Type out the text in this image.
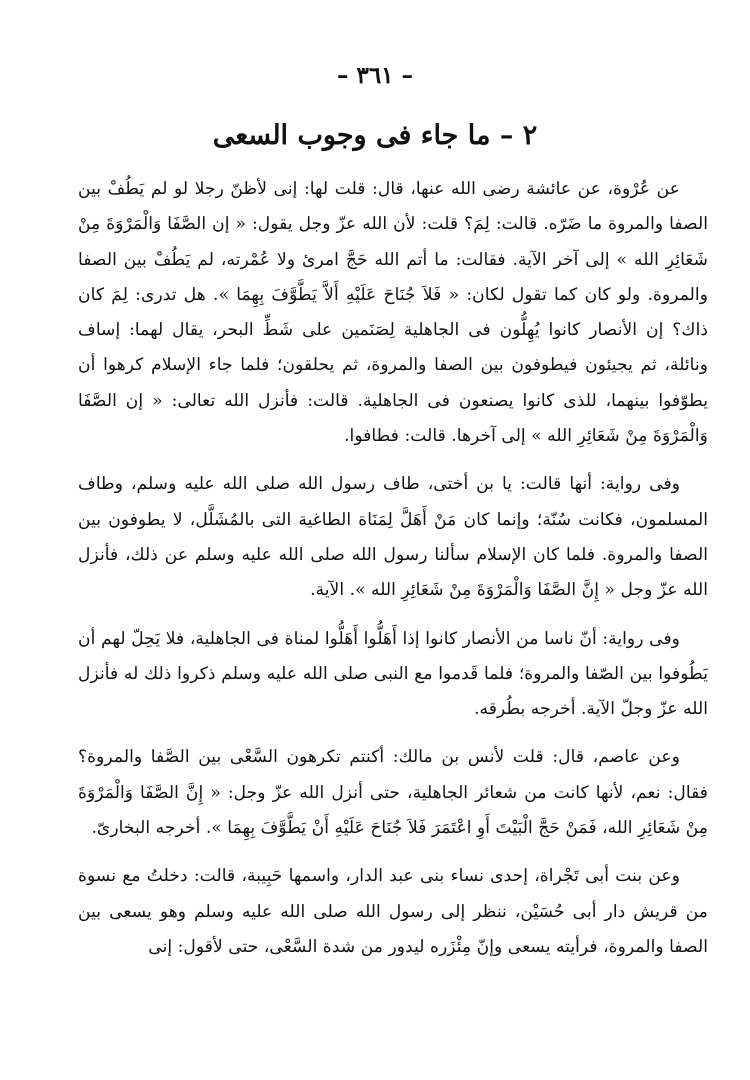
– ٣٦١ –
٢ – ما جاء فى وجوب السعى

عن عُرْوة، عن عائشة رضى الله عنها، قال: قلت لها: إنى لأظنّ رجلا لو لم يَطُفْ بين الصفا والمروة ما ضَرّه. قالت: لِمَ؟ قلت: لأن الله عزّ وجل يقول: « إن الصَّفَا وَالْمَرْوَةَ مِنْ شَعَائِرِ الله » إلى آخر الآية. فقالت: ما أتم الله حَجَّ امرئ ولا عُمْرته، لم يَطُفْ بين الصفا والمروة. ولو كان كما تقول لكان: « فَلاَ جُنَاحَ عَلَيْهِ أَلاَّ يَطَّوَّفَ بِهِمَا ». هل تدرى: لِمَ كان ذاك؟ إن الأنصار كانوا يُهِلُّون فى الجاهلية لِصَنَمين على شَطِّ البحر، يقال لهما: إساف ونائلة، ثم يجيئون فيطوفون بين الصفا والمروة، ثم يحلقون؛ فلما جاء الإسلام كرهوا أن يطوّفوا بينهما، للذى كانوا يصنعون فى الجاهلية. قالت: فأنزل الله تعالى: « إن الصَّفَا وَالْمَرْوَةَ مِنْ شَعَائِرِ الله » إلى آخرها. قالت: فطافوا.

وفى رواية: أنها قالت: يا بن أختى، طاف رسول الله صلى الله عليه وسلم، وطاف المسلمون، فكانت سُنّة؛ وإنما كان مَنْ أَهَلَّ لِمَنَاة الطاغية التى بالمُشَلَّل، لا يطوفون بين الصفا والمروة. فلما كان الإسلام سألنا رسول الله صلى الله عليه وسلم عن ذلك، فأنزل الله عزّ وجل « إِنَّ الصَّفَا وَالْمَرْوَةَ مِنْ شَعَائِرِ الله ». الآية.

وفى رواية: أنّ ناسا من الأنصار كانوا إذا أَهَلُّوا أَهَلُّوا لمناة فى الجاهلية، فلا يَحِلّ لهم أن يَطُوفوا بين الصّفا والمروة؛ فلما قَدموا مع النبى صلى الله عليه وسلم ذكروا ذلك له فأنزل الله عزّ وجلّ الآية. أخرجه بطُرقه.

وعن عاصم، قال: قلت لأنس بن مالك: أكنتم تكرهون السَّعْى بين الصَّفا والمروة؟ فقال: نعم، لأنها كانت من شعائر الجاهلية، حتى أنزل الله عزّ وجل: « إِنَّ الصَّفَا وَالْمَرْوَةَ مِنْ شَعَائِرِ الله، فَمَنْ حَجَّ الْبَيْتَ أَوِ اعْتَمَرَ فَلاَ جُنَاحَ عَلَيْهِ أَنْ يَطَّوَّفَ بِهِمَا ». أخرجه البخارىّ.

وعن بنت أبى تَجْراة، إحدى نساء بنى عبد الدار، واسمها حَبِيبة، قالت: دخلتُ مع نسوة من قريش دار أبى حُسَيْن، ننظر إلى رسول الله صلى الله عليه وسلم وهو يسعى بين الصفا والمروة، فرأيته يسعى وإنّ مِئْزَره ليدور من شدة السَّعْى، حتى لأقول: إنى
